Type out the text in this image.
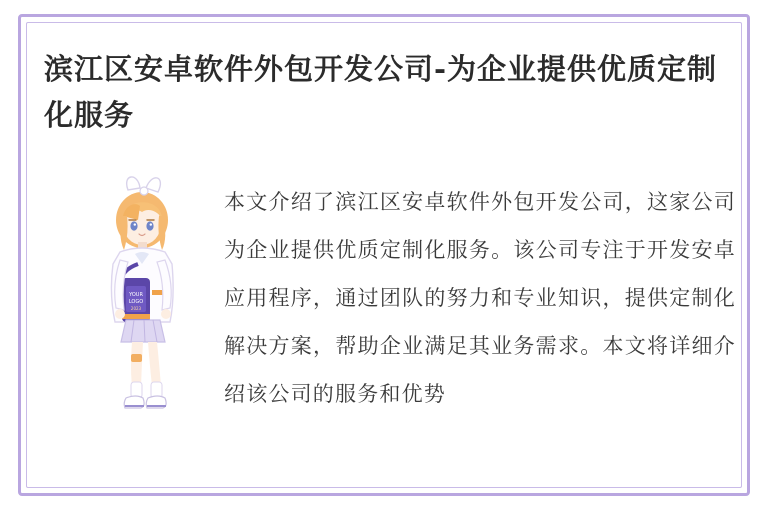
滨江区安卓软件外包开发公司-为企业提供优质定制化服务
YOUR
LOGO
2023
本文介绍了滨江区安卓软件外包开发公司，这家公司为企业提供优质定制化服务。该公司专注于开发安卓应用程序，通过团队的努力和专业知识，提供定制化解决方案，帮助企业满足其业务需求。本文将详细介绍该公司的服务和优势
